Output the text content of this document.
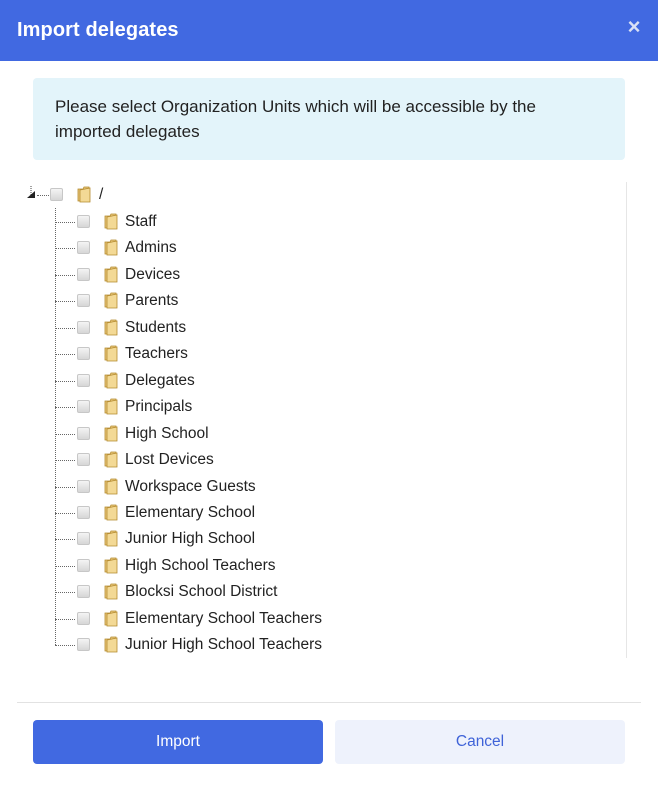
Import delegates	×
Please select Organization Units which will be accessible by the imported delegates
/
Staff
Admins
Devices
Parents
Students
Teachers
Delegates
Principals
High School
Lost Devices
Workspace Guests
Elementary School
Junior High School
High School Teachers
Blocksi School District
Elementary School Teachers
Junior High School Teachers
Import	Cancel
